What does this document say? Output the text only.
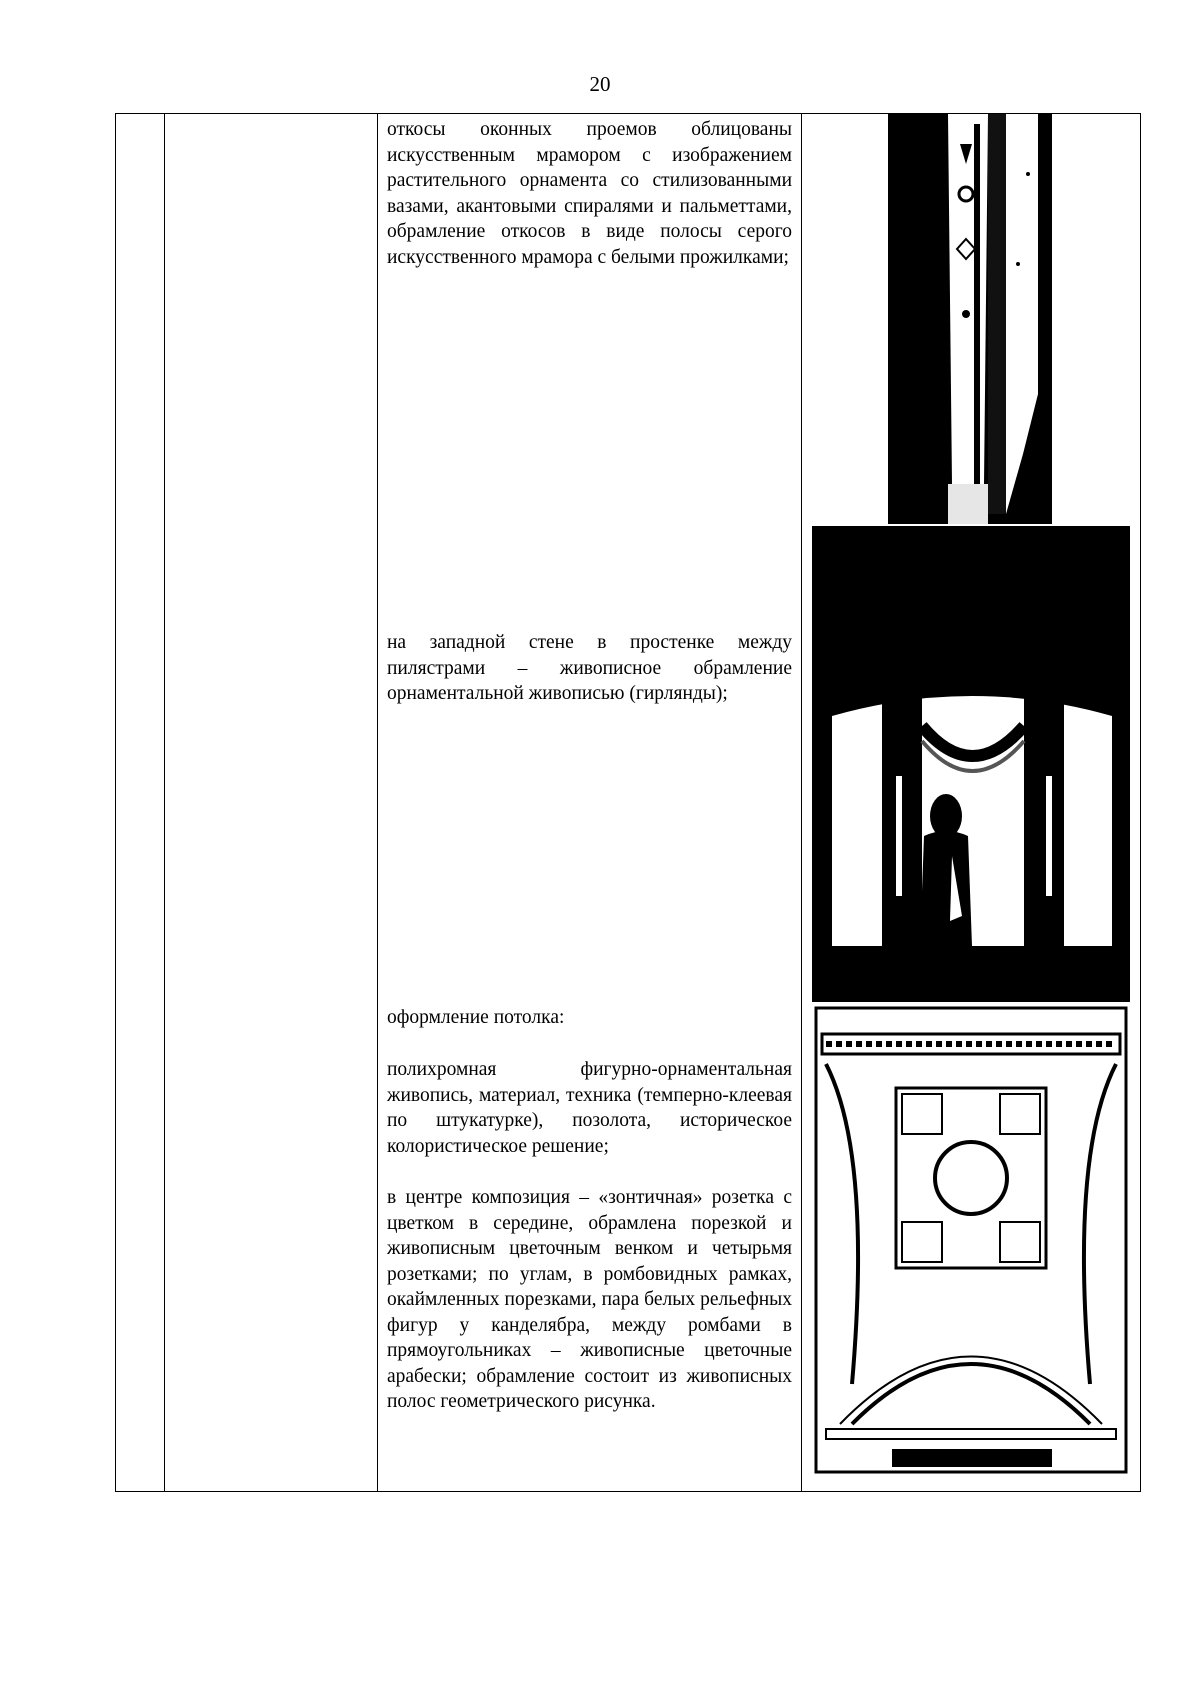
20
откосы оконных проемов облицованы искусственным мрамором с изображением растительного орнамента со стилизованными вазами, акантовыми спиралями и пальметтами, обрамление откосов в виде полосы серого искусственного мрамора с белыми прожилками;
на западной стене в простенке между пилястрами – живописное обрамление орнаментальной живописью (гирлянды);
оформление потолка:
полихромная фигурно-орнаментальная живопись, материал, техника (темперно-клеевая по штукатурке), позолота, историческое колористическое решение;
в центре композиция – «зонтичная» розетка с цветком в середине, обрамлена порезкой и живописным цветочным венком и четырьмя розетками; по углам, в ромбовидных рамках, окаймленных порезками, пара белых рельефных фигур у канделябра, между ромбами в прямоугольниках – живописные цветочные арабески; обрамление состоит из живописных полос геометрического рисунка.
